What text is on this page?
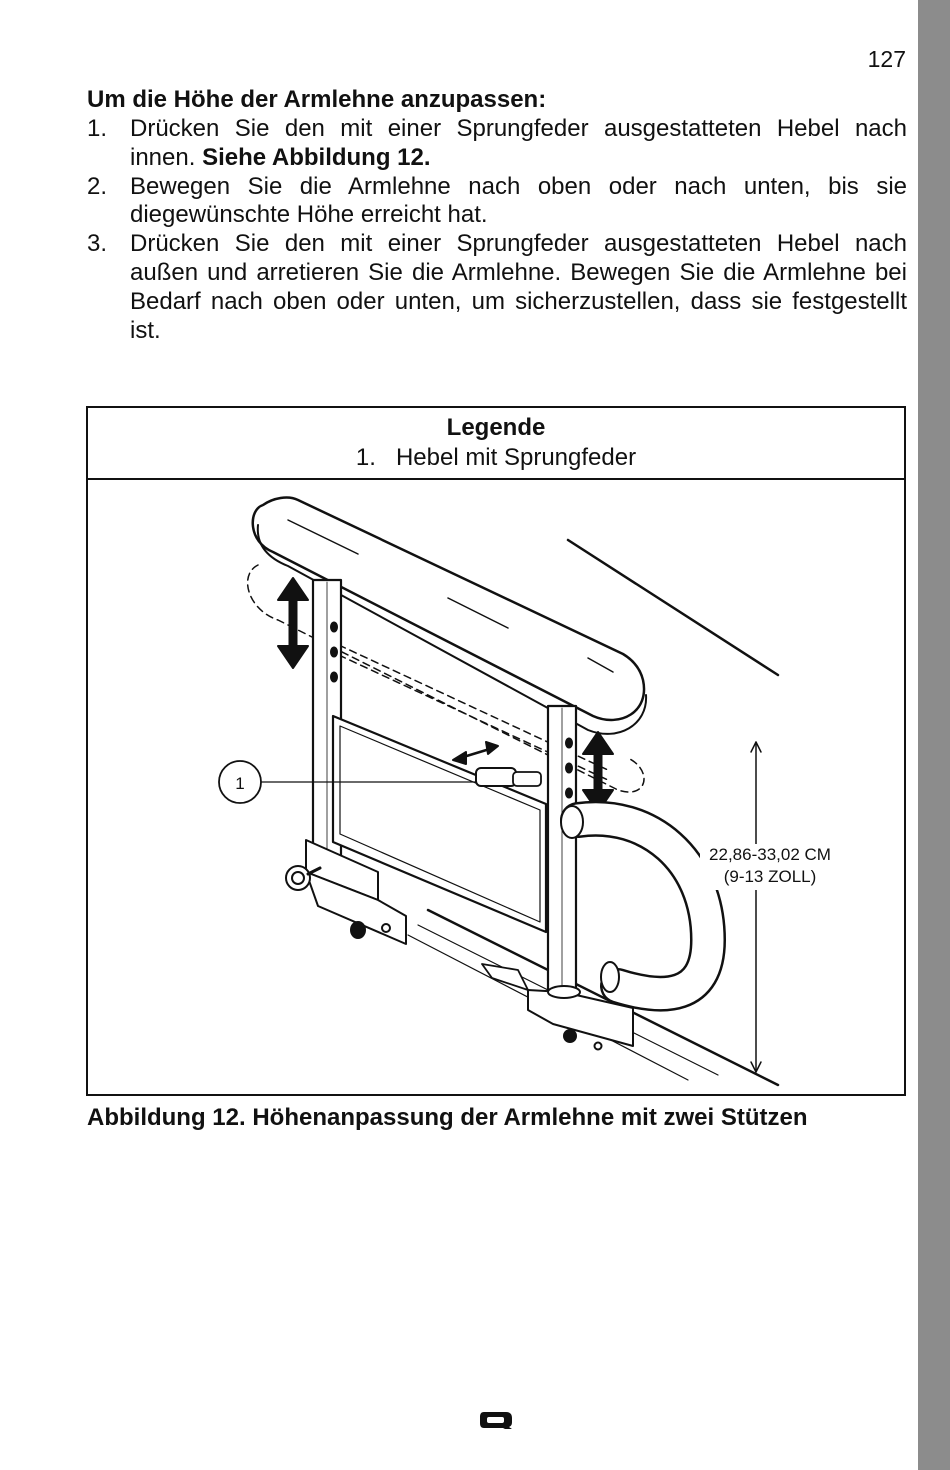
127
Um die Höhe der Armlehne anzupassen:
1. Drücken Sie den mit einer Sprungfeder ausgestatteten Hebel nach innen. Siehe Abbildung 12.
2. Bewegen Sie die Armlehne nach oben oder nach unten, bis sie diegewünschte Höhe erreicht hat.
3. Drücken Sie den mit einer Sprungfeder ausgestatteten Hebel nach außen und arretieren Sie die Armlehne. Bewegen Sie die Armlehne bei Bedarf nach oben oder unten, um sicherzustellen, dass sie festgestellt ist.
Legende
1. Hebel mit Sprungfeder
1
22,86-33,02 CM
(9-13 ZOLL)
Abbildung 12. Höhenanpassung der Armlehne mit zwei Stützen
